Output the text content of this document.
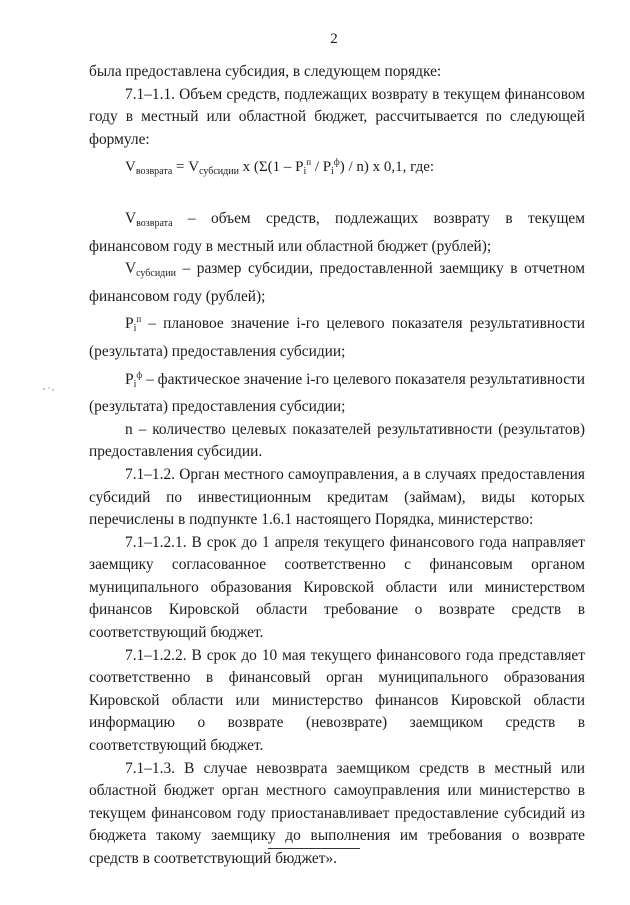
2

была предоставлена субсидия, в следующем порядке:

7.1–1.1. Объем средств, подлежащих возврату в текущем финансовом году в местный или областной бюджет, рассчитывается по следующей формуле:

$V_{возврата} = V_{субсидии}$ х $(\Sigma(1 - P_i^п / P_i^ф) / n)$ х 0,1, где:

$V_{возврата}$ – объем средств, подлежащих возврату в текущем финансовом году в местный или областной бюджет (рублей);

$V_{субсидии}$ – размер субсидии, предоставленной заемщику в отчетном финансовом году (рублей);

$P_i^п$ – плановое значение i-го целевого показателя результативности (результата) предоставления субсидии;

$P_i^ф$ – фактическое значение i-го целевого показателя результативности (результата) предоставления субсидии;

n – количество целевых показателей результативности (результатов) предоставления субсидии.

7.1–1.2. Орган местного самоуправления, а в случаях предоставления субсидий по инвестиционным кредитам (займам), виды которых перечислены в подпункте 1.6.1 настоящего Порядка, министерство:

7.1–1.2.1. В срок до 1 апреля текущего финансового года направляет заемщику согласованное соответственно с финансовым органом муниципального образования Кировской области или министерством финансов Кировской области требование о возврате средств в соответствующий бюджет.

7.1–1.2.2. В срок до 10 мая текущего финансового года представляет соответственно в финансовый орган муниципального образования Кировской области или министерство финансов Кировской области информацию о возврате (невозврате) заемщиком средств в соответствующий бюджет.

7.1–1.3. В случае невозврата заемщиком средств в местный или областной бюджет орган местного самоуправления или министерство в текущем финансовом году приостанавливает предоставление субсидий из бюджета такому заемщику до выполнения им требования о возврате средств в соответствующий бюджет».
